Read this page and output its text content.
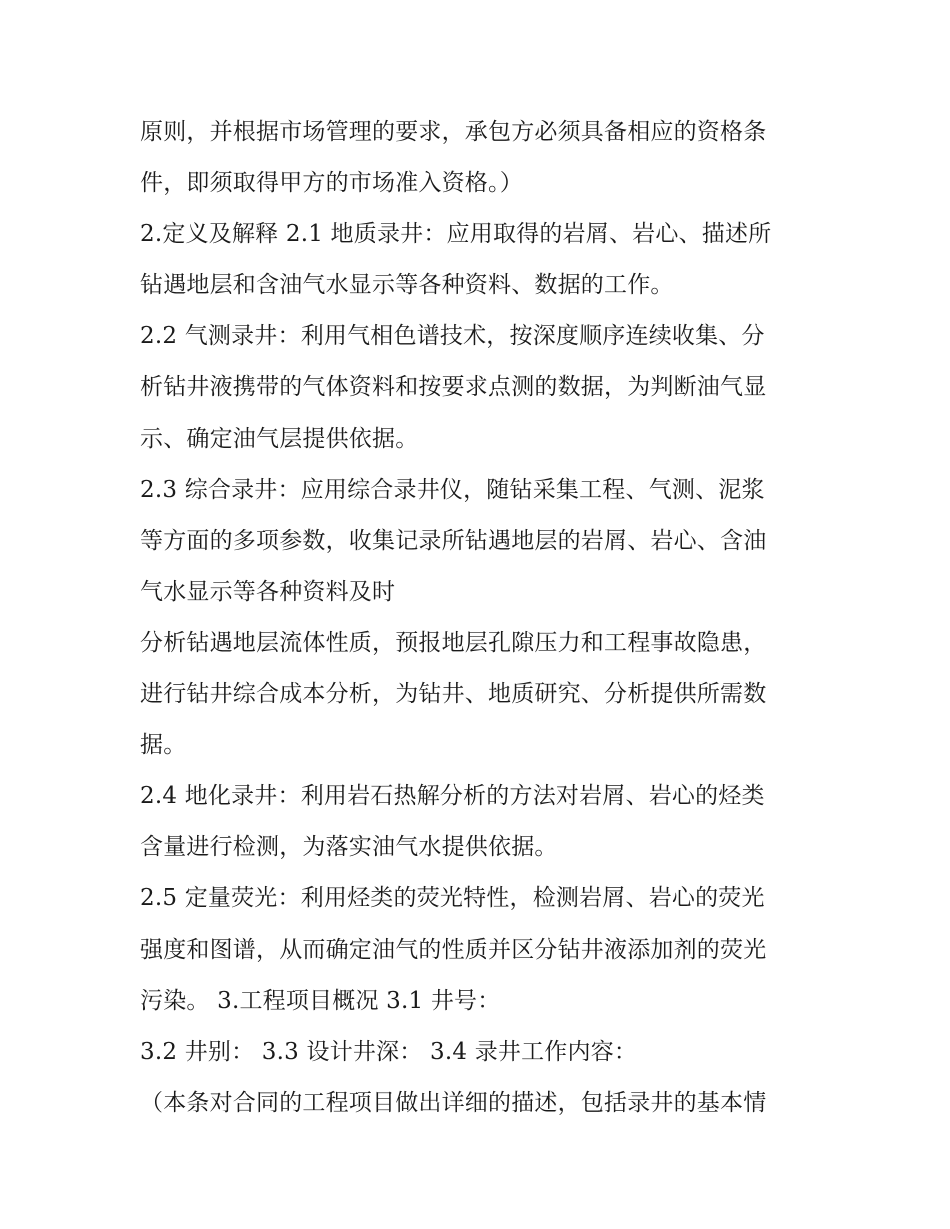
原则，并根据市场管理的要求，承包方必须具备相应的资格条
件，即须取得甲方的市场准入资格。）
2.定义及解释 2.1 地质录井：应用取得的岩屑、岩心、描述所
钻遇地层和含油气水显示等各种资料、数据的工作。
2.2 气测录井：利用气相色谱技术，按深度顺序连续收集、分
析钻井液携带的气体资料和按要求点测的数据，为判断油气显
示、确定油气层提供依据。
2.3 综合录井：应用综合录井仪，随钻采集工程、气测、泥浆
等方面的多项参数，收集记录所钻遇地层的岩屑、岩心、含油
气水显示等各种资料及时
分析钻遇地层流体性质，预报地层孔隙压力和工程事故隐患，
进行钻井综合成本分析，为钻井、地质研究、分析提供所需数
据。
2.4 地化录井：利用岩石热解分析的方法对岩屑、岩心的烃类
含量进行检测，为落实油气水提供依据。
2.5 定量荧光：利用烃类的荧光特性，检测岩屑、岩心的荧光
强度和图谱，从而确定油气的性质并区分钻井液添加剂的荧光
污染。 3.工程项目概况 3.1 井号：
3.2 井别： 3.3 设计井深： 3.4 录井工作内容：
（本条对合同的工程项目做出详细的描述，包括录井的基本情
